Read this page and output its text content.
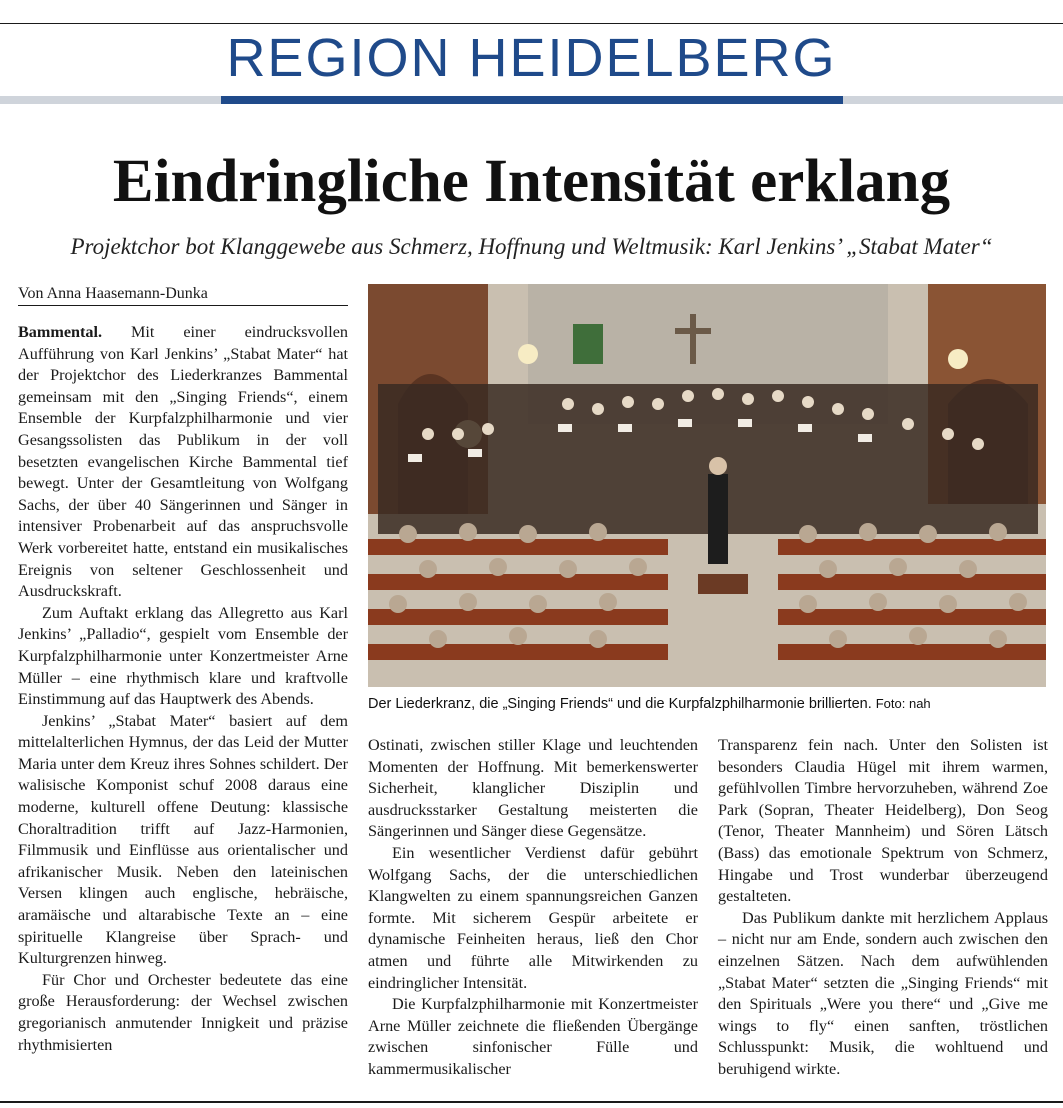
REGION HEIDELBERG
Eindringliche Intensität erklang
Projektchor bot Klanggewebe aus Schmerz, Hoffnung und Weltmusik: Karl Jenkins’ „Stabat Mater“
Von Anna Haasemann-Dunka

Bammental. Mit einer eindrucksvollen Aufführung von Karl Jenkins’ „Stabat Mater“ hat der Projektchor des Liederkranzes Bammental gemeinsam mit den „Singing Friends“, einem Ensemble der Kurpfalzphilharmonie und vier Gesangssolisten das Publikum in der voll besetzten evangelischen Kirche Bammental tief bewegt. Unter der Gesamtleitung von Wolfgang Sachs, der über 40 Sängerinnen und Sänger in intensiver Probenarbeit auf das anspruchsvolle Werk vorbereitet hatte, entstand ein musikalisches Ereignis von seltener Geschlossenheit und Ausdruckskraft.

Zum Auftakt erklang das Allegretto aus Karl Jenkins’ „Palladio“, gespielt vom Ensemble der Kurpfalzphilharmonie unter Konzertmeister Arne Müller – eine rhythmisch klare und kraftvolle Einstimmung auf das Hauptwerk des Abends.

Jenkins’ „Stabat Mater“ basiert auf dem mittelalterlichen Hymnus, der das Leid der Mutter Maria unter dem Kreuz ihres Sohnes schildert. Der walisische Komponist schuf 2008 daraus eine moderne, kulturell offene Deutung: klassische Choraltradition trifft auf Jazz-Harmonien, Filmmusik und Einflüsse aus orientalischer und afrikanischer Musik. Neben den lateinischen Versen klingen auch englische, hebräische, aramäische und altarabische Texte an – eine spirituelle Klangreise über Sprach- und Kulturgrenzen hinweg.

Für Chor und Orchester bedeutete das eine große Herausforderung: der Wechsel zwischen gregorianisch anmutender Innigkeit und präzise rhythmisierten

Der Liederkranz, die „Singing Friends“ und die Kurpfalzphilharmonie brillierten. Foto: nah

Ostinati, zwischen stiller Klage und leuchtenden Momenten der Hoffnung. Mit bemerkenswerter Sicherheit, klanglicher Disziplin und ausdrucksstarker Gestaltung meisterten die Sängerinnen und Sänger diese Gegensätze.

Ein wesentlicher Verdienst dafür gebührt Wolfgang Sachs, der die unterschiedlichen Klangwelten zu einem spannungsreichen Ganzen formte. Mit sicherem Gespür arbeitete er dynamische Feinheiten heraus, ließ den Chor atmen und führte alle Mitwirkenden zu eindringlicher Intensität.

Die Kurpfalzphilharmonie mit Konzertmeister Arne Müller zeichnete die fließenden Übergänge zwischen sinfonischer Fülle und kammermusikalischer

Transparenz fein nach. Unter den Solisten ist besonders Claudia Hügel mit ihrem warmen, gefühlvollen Timbre hervorzuheben, während Zoe Park (Sopran, Theater Heidelberg), Don Seog (Tenor, Theater Mannheim) und Sören Lätsch (Bass) das emotionale Spektrum von Schmerz, Hingabe und Trost wunderbar überzeugend gestalteten.

Das Publikum dankte mit herzlichem Applaus – nicht nur am Ende, sondern auch zwischen den einzelnen Sätzen. Nach dem aufwühlenden „Stabat Mater“ setzten die „Singing Friends“ mit den Spirituals „Were you there“ und „Give me wings to fly“ einen sanften, tröstlichen Schlusspunkt: Musik, die wohltuend und beruhigend wirkte.
